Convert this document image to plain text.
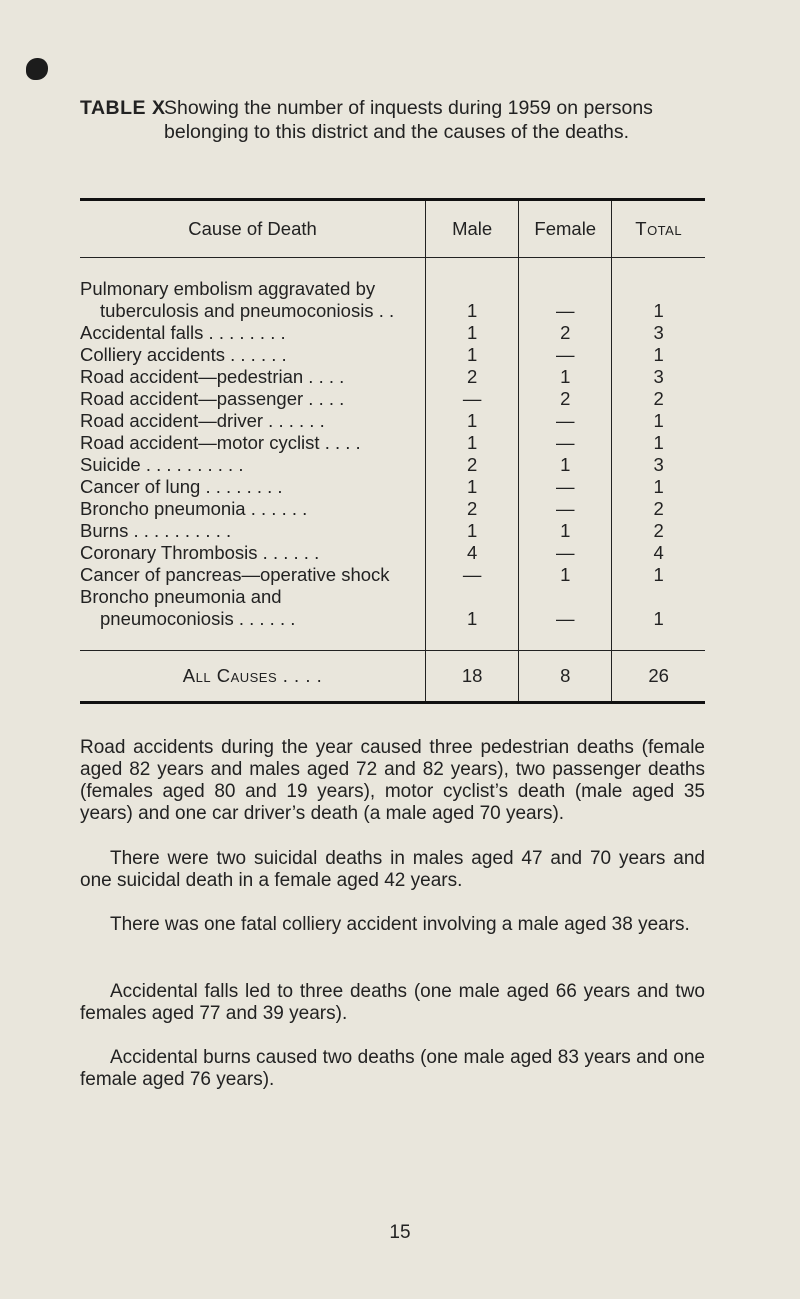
TABLE X
Showing the number of inquests during 1959 on persons belonging to this district and the causes of the deaths.
Cause of Death	Male	Female	Total

Pulmonary embolism aggravated by			
tuberculosis and pneumoconiosis . .	1	—	1
Accidental falls . . . . . . . .	1	2	3
Colliery accidents . . . . . .	1	—	1
Road accident—pedestrian . . . .	2	1	3
Road accident—passenger . . . .	—	2	2
Road accident—driver . . . . . .	1	—	1
Road accident—motor cyclist . . . .	1	—	1
Suicide . . . . . . . . . .	2	1	3
Cancer of lung . . . . . . . .	1	—	1
Broncho pneumonia . . . . . .	2	—	2
Burns . . . . . . . . . .	1	1	2
Coronary Thrombosis . . . . . .	4	—	4
Cancer of pancreas—operative shock	—	1	1
Broncho pneumonia and			
pneumoconiosis . . . . . .	1	—	1

All Causes . . . .	18	8	26

Road accidents during the year caused three pedestrian deaths (female aged 82 years and males aged 72 and 82 years), two passenger deaths (females aged 80 and 19 years), motor cyclist’s death (male aged 35 years) and one car driver’s death (a male aged 70 years).

There were two suicidal deaths in males aged 47 and 70 years and one suicidal death in a female aged 42 years.

There was one fatal colliery accident involving a male aged 38 years.

Accidental falls led to three deaths (one male aged 66 years and two females aged 77 and 39 years).

Accidental burns caused two deaths (one male aged 83 years and one female aged 76 years).

15
